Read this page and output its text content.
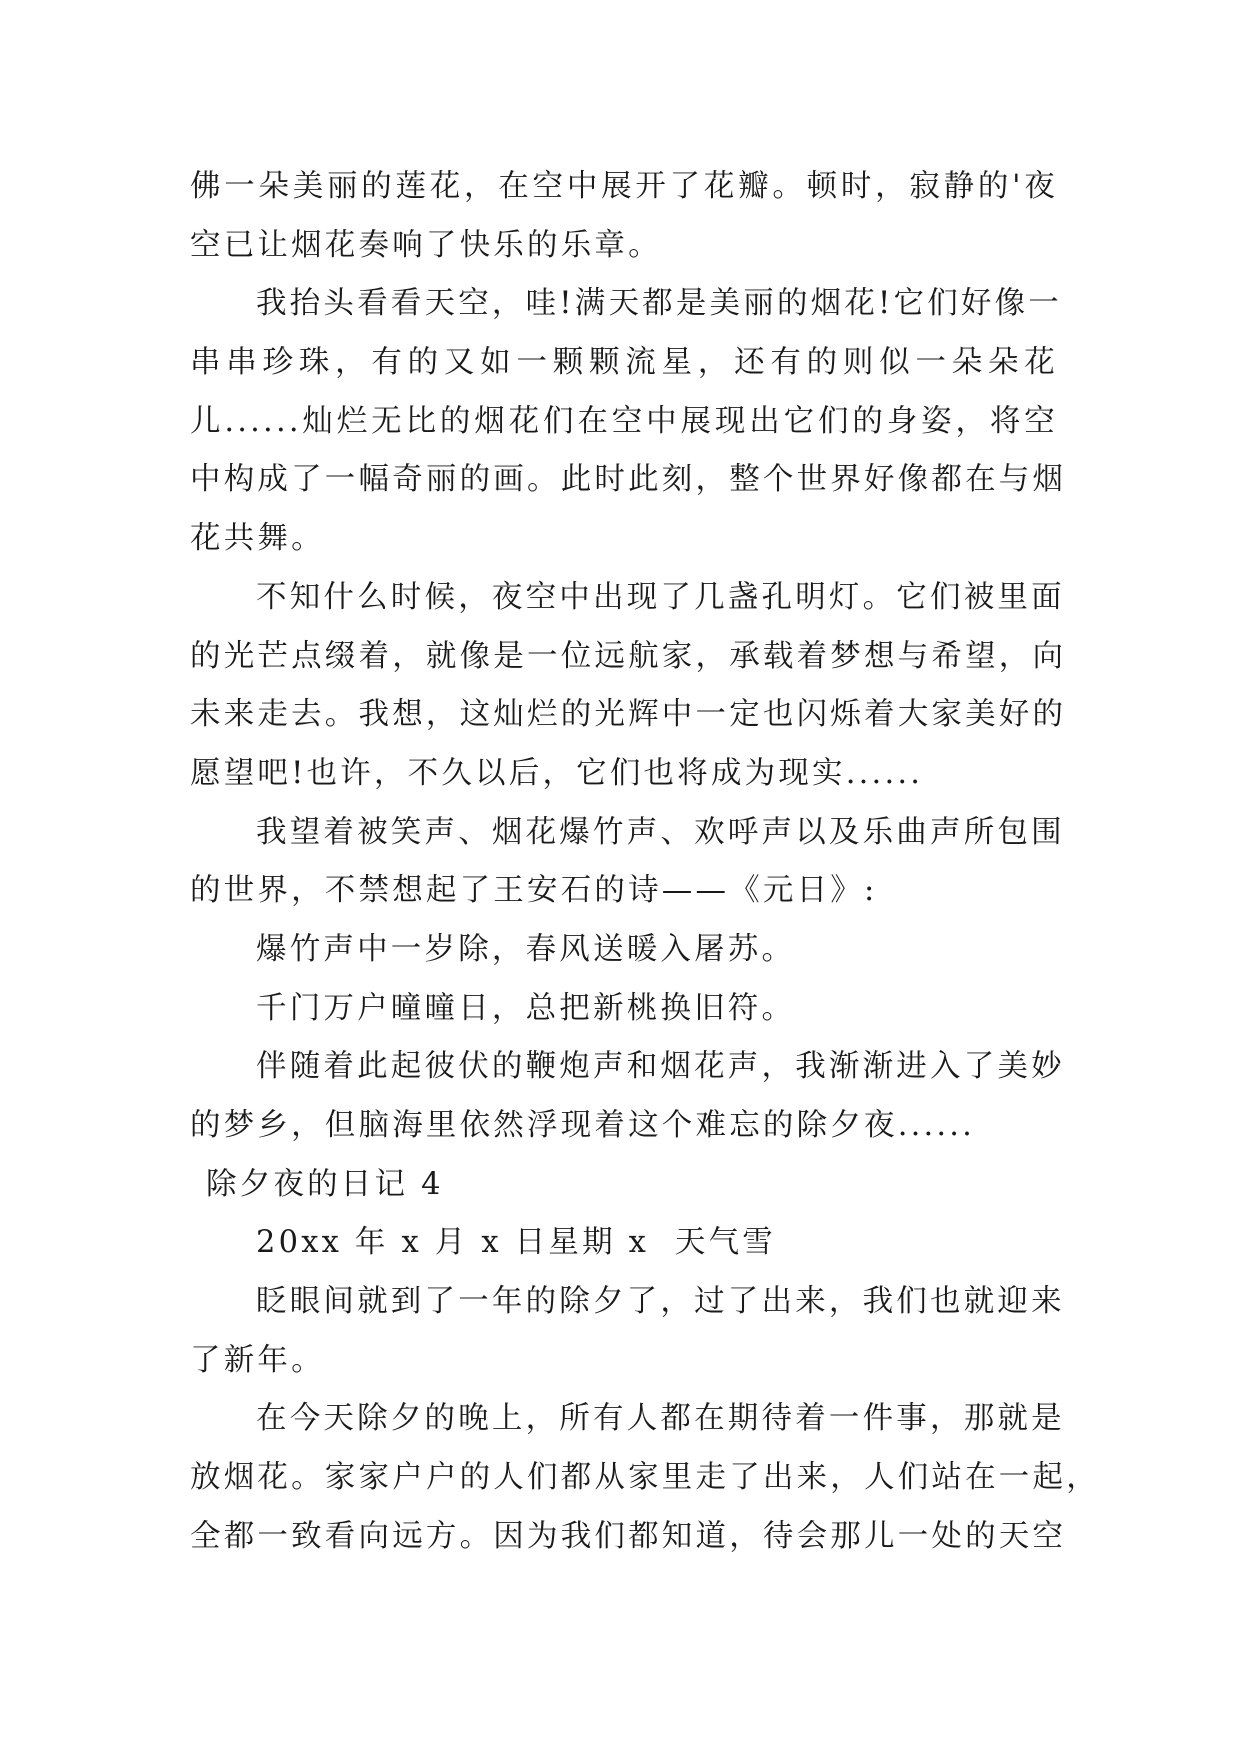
佛一朵美丽的莲花，在空中展开了花瓣。顿时，寂静的'夜
空已让烟花奏响了快乐的乐章。
我抬头看看天空，哇!满天都是美丽的烟花!它们好像一
串串珍珠，有的又如一颗颗流星，还有的则似一朵朵花
儿......灿烂无比的烟花们在空中展现出它们的身姿，将空
中构成了一幅奇丽的画。此时此刻，整个世界好像都在与烟
花共舞。
不知什么时候，夜空中出现了几盏孔明灯。它们被里面
的光芒点缀着，就像是一位远航家，承载着梦想与希望，向
未来走去。我想，这灿烂的光辉中一定也闪烁着大家美好的
愿望吧!也许，不久以后，它们也将成为现实......
我望着被笑声、烟花爆竹声、欢呼声以及乐曲声所包围
的世界，不禁想起了王安石的诗——《元日》:
爆竹声中一岁除，春风送暖入屠苏。
千门万户曈曈日，总把新桃换旧符。
伴随着此起彼伏的鞭炮声和烟花声，我渐渐进入了美妙
的梦乡，但脑海里依然浮现着这个难忘的除夕夜......
除夕夜的日记 4
20xx 年 x 月 x 日星期 x  天气雪
眨眼间就到了一年的除夕了，过了出来，我们也就迎来
了新年。
在今天除夕的晚上，所有人都在期待着一件事，那就是
放烟花。家家户户的人们都从家里走了出来，人们站在一起，
全都一致看向远方。因为我们都知道，待会那儿一处的天空
